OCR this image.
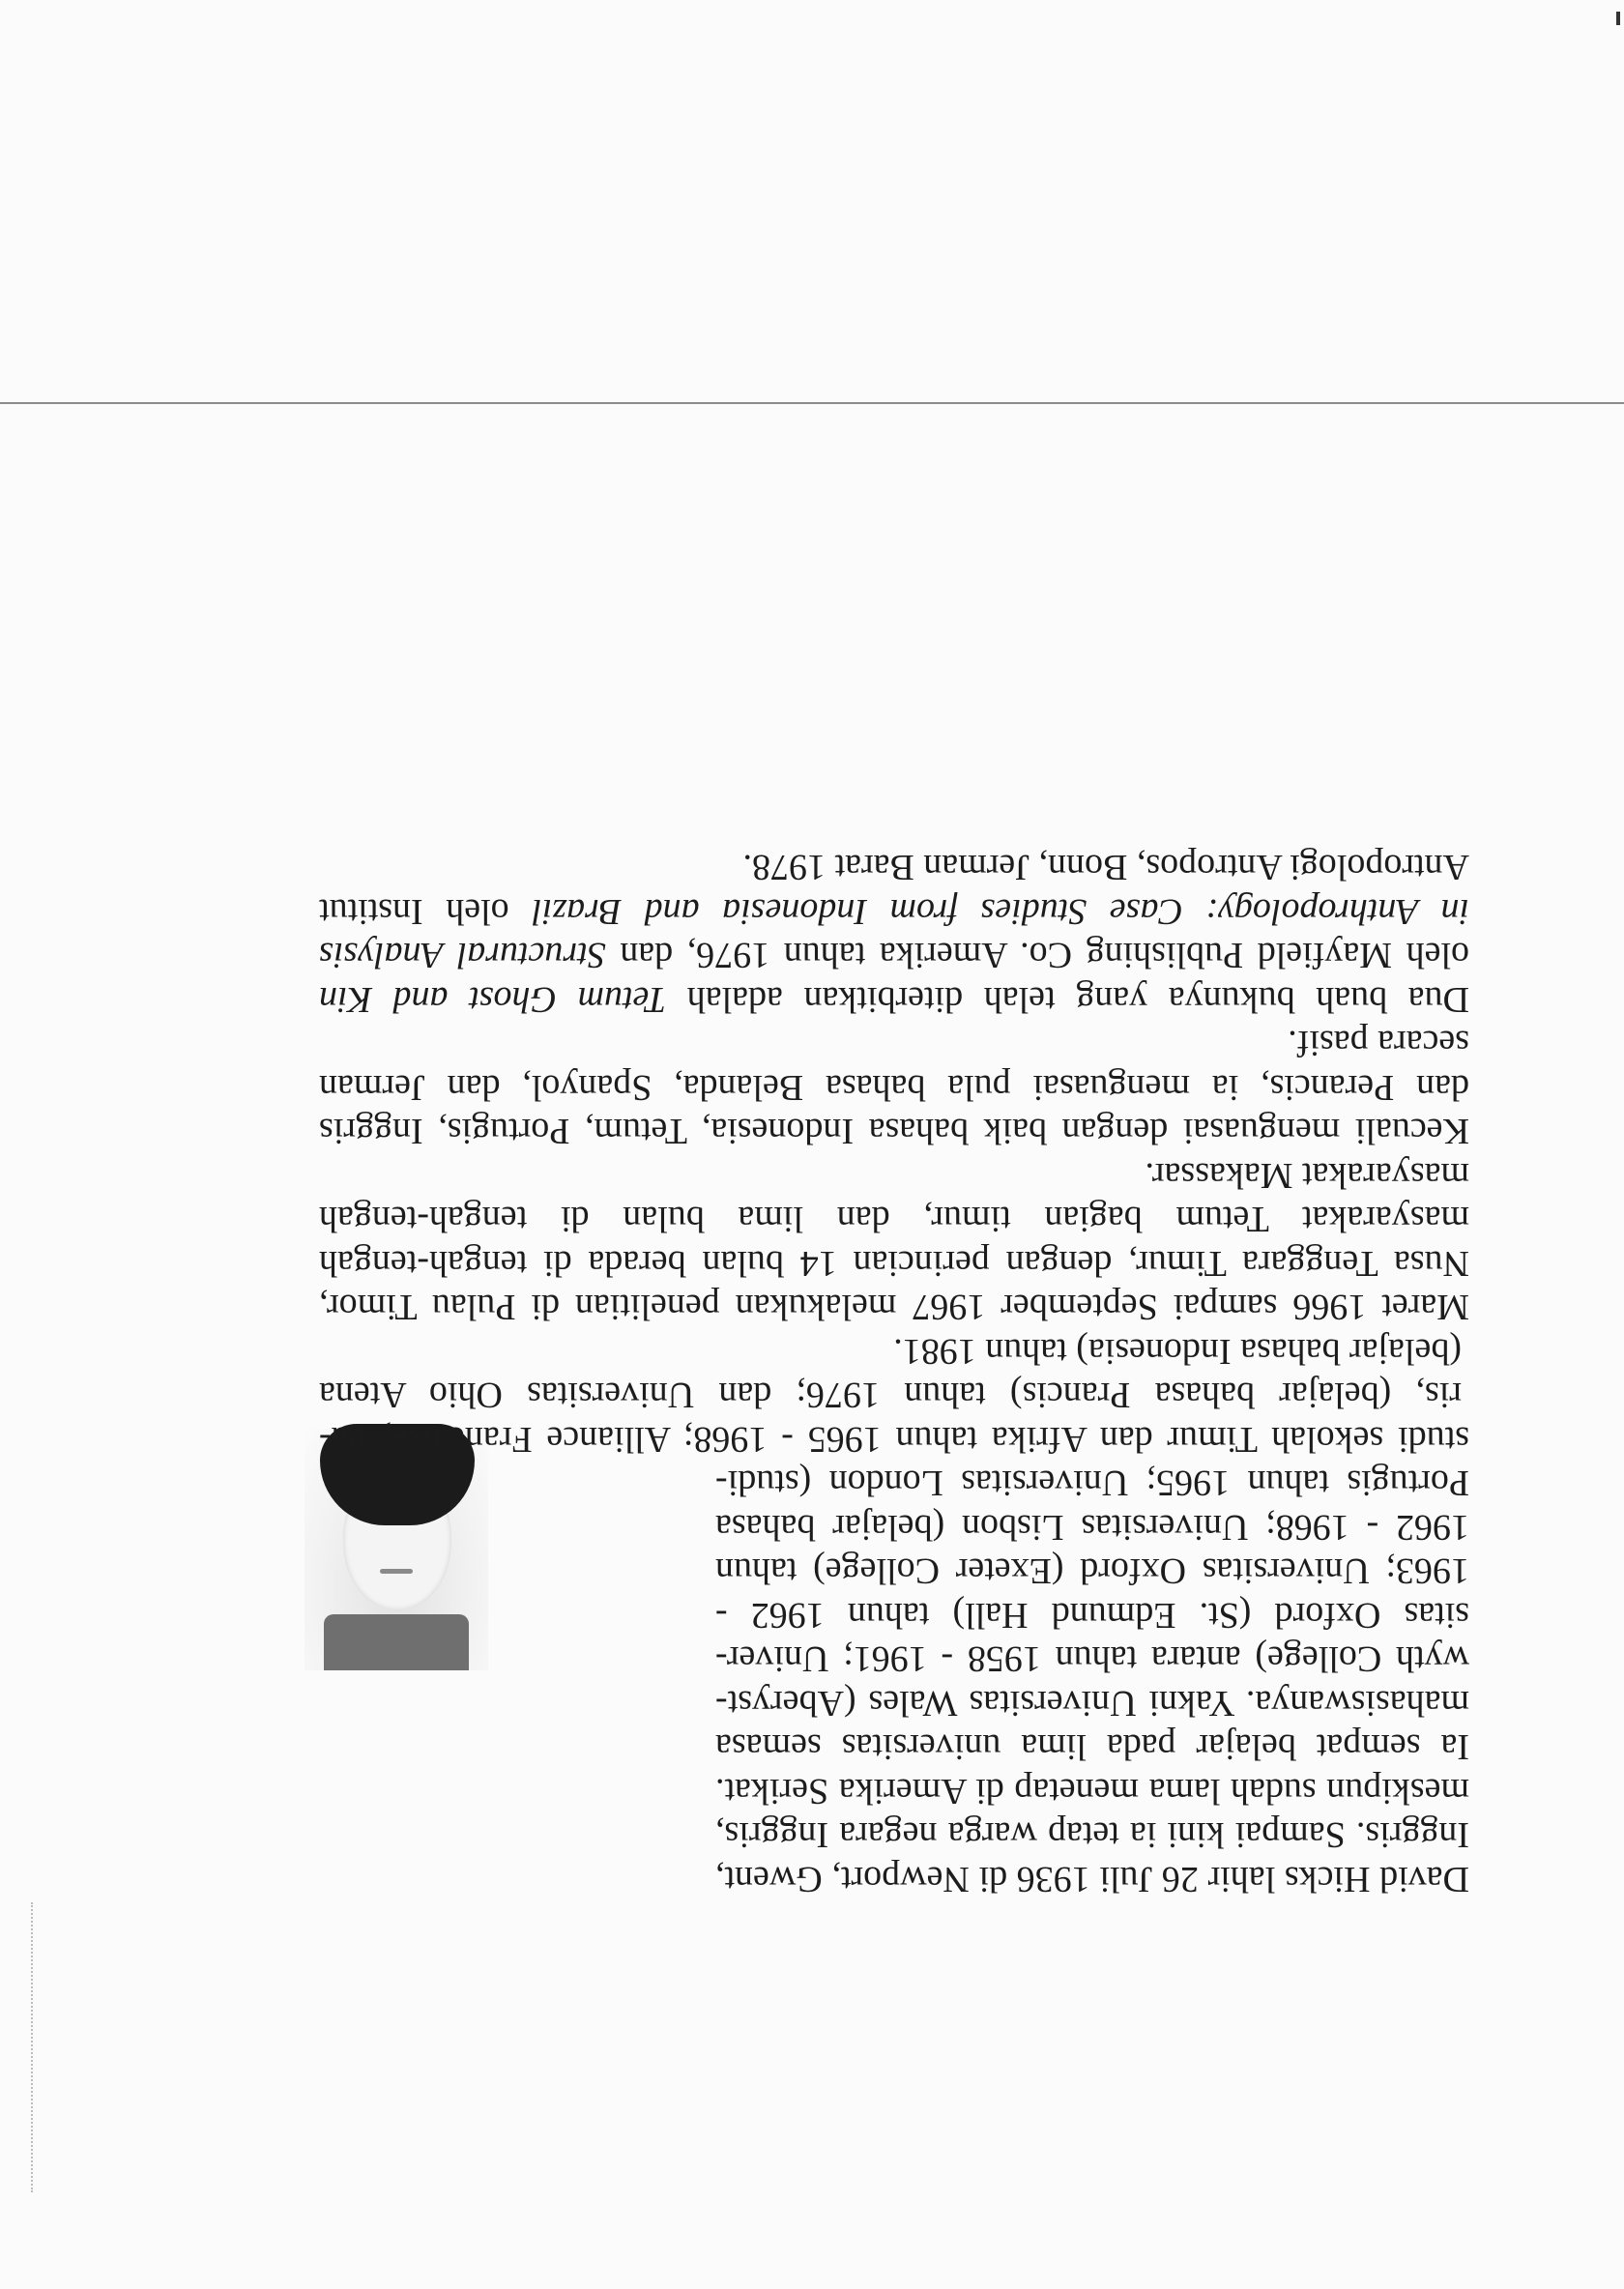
David Hicks lahir 26 Juli 1936 di Newport, Gwent,
Inggris. Sampai kini ia tetap warga negara Inggris,
meskipun sudah lama menetap di Amerika Serikat.
Ia sempat belajar pada lima universitas semasa
mahasiswanya. Yakni Universitas Wales (Aberyst-
wyth College) antara tahun 1958 - 1961; Univer-
sitas Oxford (St. Edmund Hall) tahun 1962 -
1963; Universitas Oxford (Exeter College) tahun
1962 - 1968; Universitas Lisbon (belajar bahasa
Portugis tahun 1965; Universitas London (studi-
studi sekolah Timur dan Afrika tahun 1965 - 1968; Alliance Francaise, Pa-
ris, (belajar bahasa Prancis) tahun 1976; dan Universitas Ohio Atena
(belajar bahasa Indonesia) tahun 1981.
Maret 1966 sampai September 1967 melakukan penelitian di Pulau Timor,
Nusa Tenggara Timur, dengan perincian 14 bulan berada di tengah-tengah
masyarakat Tetum bagian timur, dan lima bulan di tengah-tengah
masyarakat Makassar.
Kecuali menguasai dengan baik bahasa Indonesia, Tetum, Portugis, Inggris
dan Perancis, ia menguasai pula bahasa Belanda, Spanyol, dan Jerman
secara pasif.
Dua buah bukunya yang telah diterbitkan adalah Tetum Ghost and Kin
oleh Mayfield Publishing Co. Amerika tahun 1976, dan Structural Analysis
in Anthropology: Case Studies from Indonesia and Brazil oleh Institut
Antropologi Antropos, Bonn, Jerman Barat 1978.
